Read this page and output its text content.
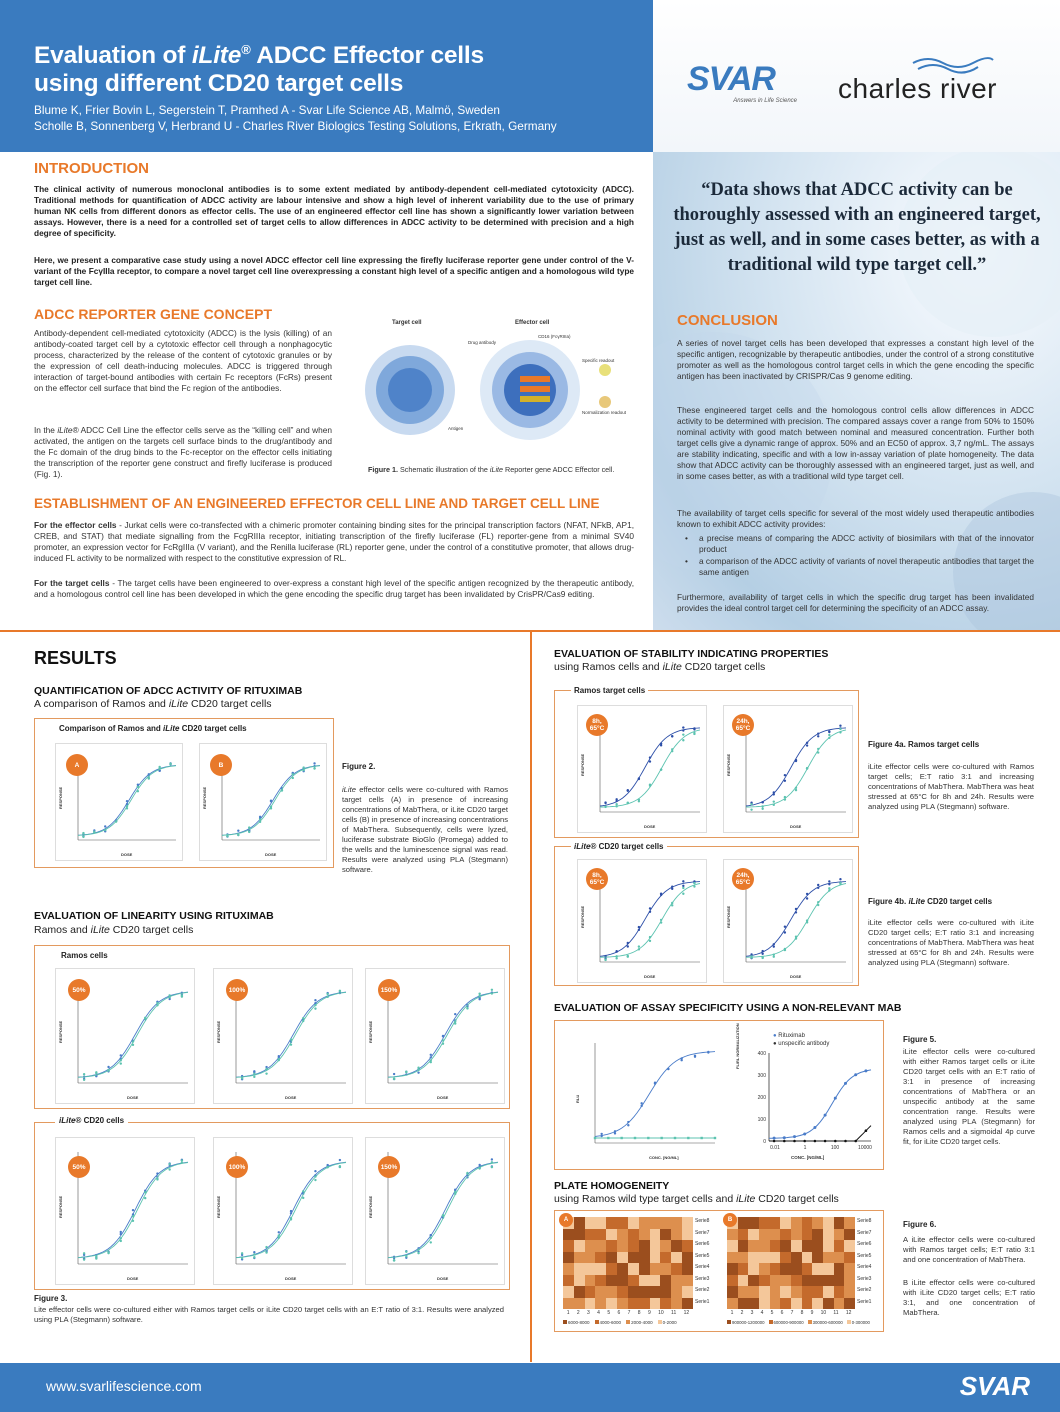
Evaluation of iLite® ADCC Effector cells
using different CD20 target cells
Blume K, Frier Bovin L, Segerstein T, Pramhed A - Svar Life Science AB, Malmö, Sweden
Scholle B, Sonnenberg V, Herbrand U - Charles River Biologics Testing Solutions, Erkrath, Germany
SVAR
Answers in Life Science charles river
“Data shows that ADCC activity can be thoroughly assessed with an engineered target, just as well, and in some cases better, as with a traditional wild type target cell.”
INTRODUCTION
The clinical activity of numerous monoclonal antibodies is to some extent mediated by antibody-dependent cell-mediated cytotoxicity (ADCC). Traditional methods for quantification of ADCC activity are labour intensive and show a high level of inherent variability due to the use of primary human NK cells from different donors as effector cells. The use of an engineered effector cell line has shown a significantly lower variation between assays. However, there is a need for a controlled set of target cells to allow differences in ADCC activity to be determined with precision and a high degree of specificity.
Here, we present a comparative case study using a novel ADCC effector cell line expressing the firefly luciferase reporter gene under control of the V-variant of the FcγIIIa receptor, to compare a novel target cell line overexpressing a constant high level of a specific antigen and a homologous wild type target cell line.
ADCC REPORTER GENE CONCEPT
Antibody-dependent cell-mediated cytotoxicity (ADCC) is the lysis (killing) of an antibody-coated target cell by a cytotoxic effector cell through a nonphagocytic process, characterized by the release of the content of cytotoxic granules or by the expression of cell death-inducing molecules. ADCC is triggered through interaction of target-bound antibodies with certain Fc receptors (FcRs) present on the effector cell surface that bind the Fc region of the antibodies.
In the iLite® ADCC Cell Line the effector cells serve as the “killing cell” and when activated, the antigen on the targets cell surface binds to the drug/antibody and the Fc domain of the drug binds to the Fc-receptor on the effector cells initiating the transcription of the reporter gene construct and firefly luciferase is produced (Fig. 1).
Target cell	Effector cell
Drug antibody
CD16 (FcγRIIIa)
Specific readout
Normalization readout
Antigen
Figure 1. Schematic illustration of the iLite Reporter gene ADCC Effector cell.
ESTABLISHMENT OF AN ENGINEERED EFFECTOR CELL LINE AND TARGET CELL LINE
For the effector cells - Jurkat cells were co-transfected with a chimeric promoter containing binding sites for the principal transcription factors (NFAT, NFkB, AP1, CREB, and STAT) that mediate signalling from the FcgRIIIa receptor, initiating transcription of the firefly luciferase (FL) reporter-gene from a minimal SV40 promoter, an expression vector for FcRgIIIa (V variant), and the Renilla luciferase (RL) reporter gene, under the control of a constitutive promoter, that allows drug-induced FL activity to be normalized with respect to the constitutive expression of RL.
For the target cells - The target cells have been engineered to over-express a constant high level of the specific antigen recognized by the therapeutic antibody, and a homologous control cell line has been developed in which the gene encoding the specific drug target has been invalidated by CrisPR/Cas9 editing.
CONCLUSION
A series of novel target cells has been developed that expresses a constant high level of the specific antigen, recognizable by therapeutic antibodies, under the control of a strong constitutive promoter as well as the homologous control target cells in which the gene encoding the specific antigen has been inactivated by CRISPR/Cas 9 genome editing.
These engineered target cells and the homologous control cells allow differences in ADCC activity to be determined with precision. The compared assays cover a range from 50% to 150% nominal activity with good match between nominal and measured concentration. Further both target cells give a dynamic range of approx. 50% and an EC50 of approx. 3,7 ng/mL. The assays are stability indicating, specific and with a low in-assay variation of plate homogeneity. The data show that ADCC activity can be thoroughly assessed with an engineered target, just as well, and in some cases better, as with a traditional wild type target cell.
The availability of target cells specific for several of the most widely used therapeutic antibodies known to exhibit ADCC activity provides:
• a precise means of comparing the ADCC activity of biosimilars with that of the innovator product
• a comparison of the ADCC activity of variants of novel therapeutic antibodies that target the same antigen
Furthermore, availability of target cells in which the specific drug target has been invalidated provides the ideal control target cell for determining the specificity of an ADCC assay.
RESULTS
QUANTIFICATION OF ADCC ACTIVITY OF RITUXIMAB
A comparison of Ramos and iLite CD20 target cells
Comparison of Ramos and iLite CD20 target cells
DOSE
RESPONSE
A
DOSE
RESPONSE
B	Figure 2.
iLite effector cells were co-cultured with Ramos target cells (A) in presence of increasing concentrations of MabThera, or iLite CD20 target cells (B) in presence of increasing concentrations of MabThera. Subsequently, cells were lyzed, luciferase substrate BioGlo (Promega) added to the wells and the luminescence signal was read. Results were analyzed using PLA (Stegmann) software.
EVALUATION OF LINEARITY USING RITUXIMAB
Ramos and iLite CD20 target cells
Ramos cells
DOSE
RESPONSE
50%
DOSE
RESPONSE
100%
DOSE
RESPONSE
150%
iLite® CD20 cells
DOSE
RESPONSE
50%
DOSE
RESPONSE
100%
DOSE
RESPONSE
150%
Figure 3.
Lite effector cells were co-cultured either with Ramos target cells or iLite CD20 target cells with an E:T ratio of 3:1. Results were analyzed using PLA (Stegmann) software.
EVALUATION OF STABILITY INDICATING PROPERTIES
using Ramos cells and iLite CD20 target cells
Ramos target cells
DOSE
RESPONSE
8h, 65°C
DOSE
RESPONSE
24h, 65°C
Figure 4a. Ramos target cells
iLite effector cells were co-cultured with Ramos target cells; E:T ratio 3:1 and increasing concentrations of MabThera. MabThera was heat stressed at 65°C for 8h and 24h. Results were analyzed using PLA (Stegmann) software.
iLite® CD20 target cells
DOSE
RESPONSE
8h, 65°C
DOSE
RESPONSE
24h, 65°C
Figure 4b. iLite CD20 target cells
iLite effector cells were co-cultured with iLite CD20 target cells; E:T ratio 3:1 and increasing concentrations of MabThera. MabThera was heat stressed at 65°C for 8h and 24h. Results were analyzed using PLA (Stegmann) software.
EVALUATION OF ASSAY SPECIFICITY USING A NON-RELEVANT MAB
CONC. [NG/ML]
RLU
400
300
200
100
0
0.01	1	100	10000
● Rituximab
● unspecific antibody
FL/RL NORMALIZATION
CONC. [NG/ML]
Figure 5.
iLite effector cells were co-cultured with either Ramos target cells or iLite CD20 target cells with an E:T ratio of 3:1 in presence of increasing concentrations of MabThera or an unspecific antibody at the same concentration range. Results were analyzed using PLA (Stegmann) for Ramos cells and a sigmoidal 4p curve fit, for iLite CD20 target cells.
PLATE HOMOGENEITY
using Ramos wild type target cells and iLite CD20 target cells
A	B
Serie8
Serie7
Serie6
Serie5
Serie4
Serie3
Serie2
Serie1
Serie8
Serie7
Serie6
Serie5
Serie4
Serie3
Serie2
Serie1
1 2 3 4 5 6 7 8 9 10 11 12	1 2 3 4 5 6 7 8 9 10 11 12
6000-8000	4000-6000	2000-4000	0-2000	900000-1200000	600000-900000	300000-600000	0-300000
Figure 6.
A iLite effector cells were co-cultured with Ramos target cells; E:T ratio 3:1 and one concentration of MabThera.
B iLite effector cells were co-cultured with iLite CD20 target cells; E:T ratio 3:1, and one concentration of MabThera.
www.svarlifescience.com	SVAR
